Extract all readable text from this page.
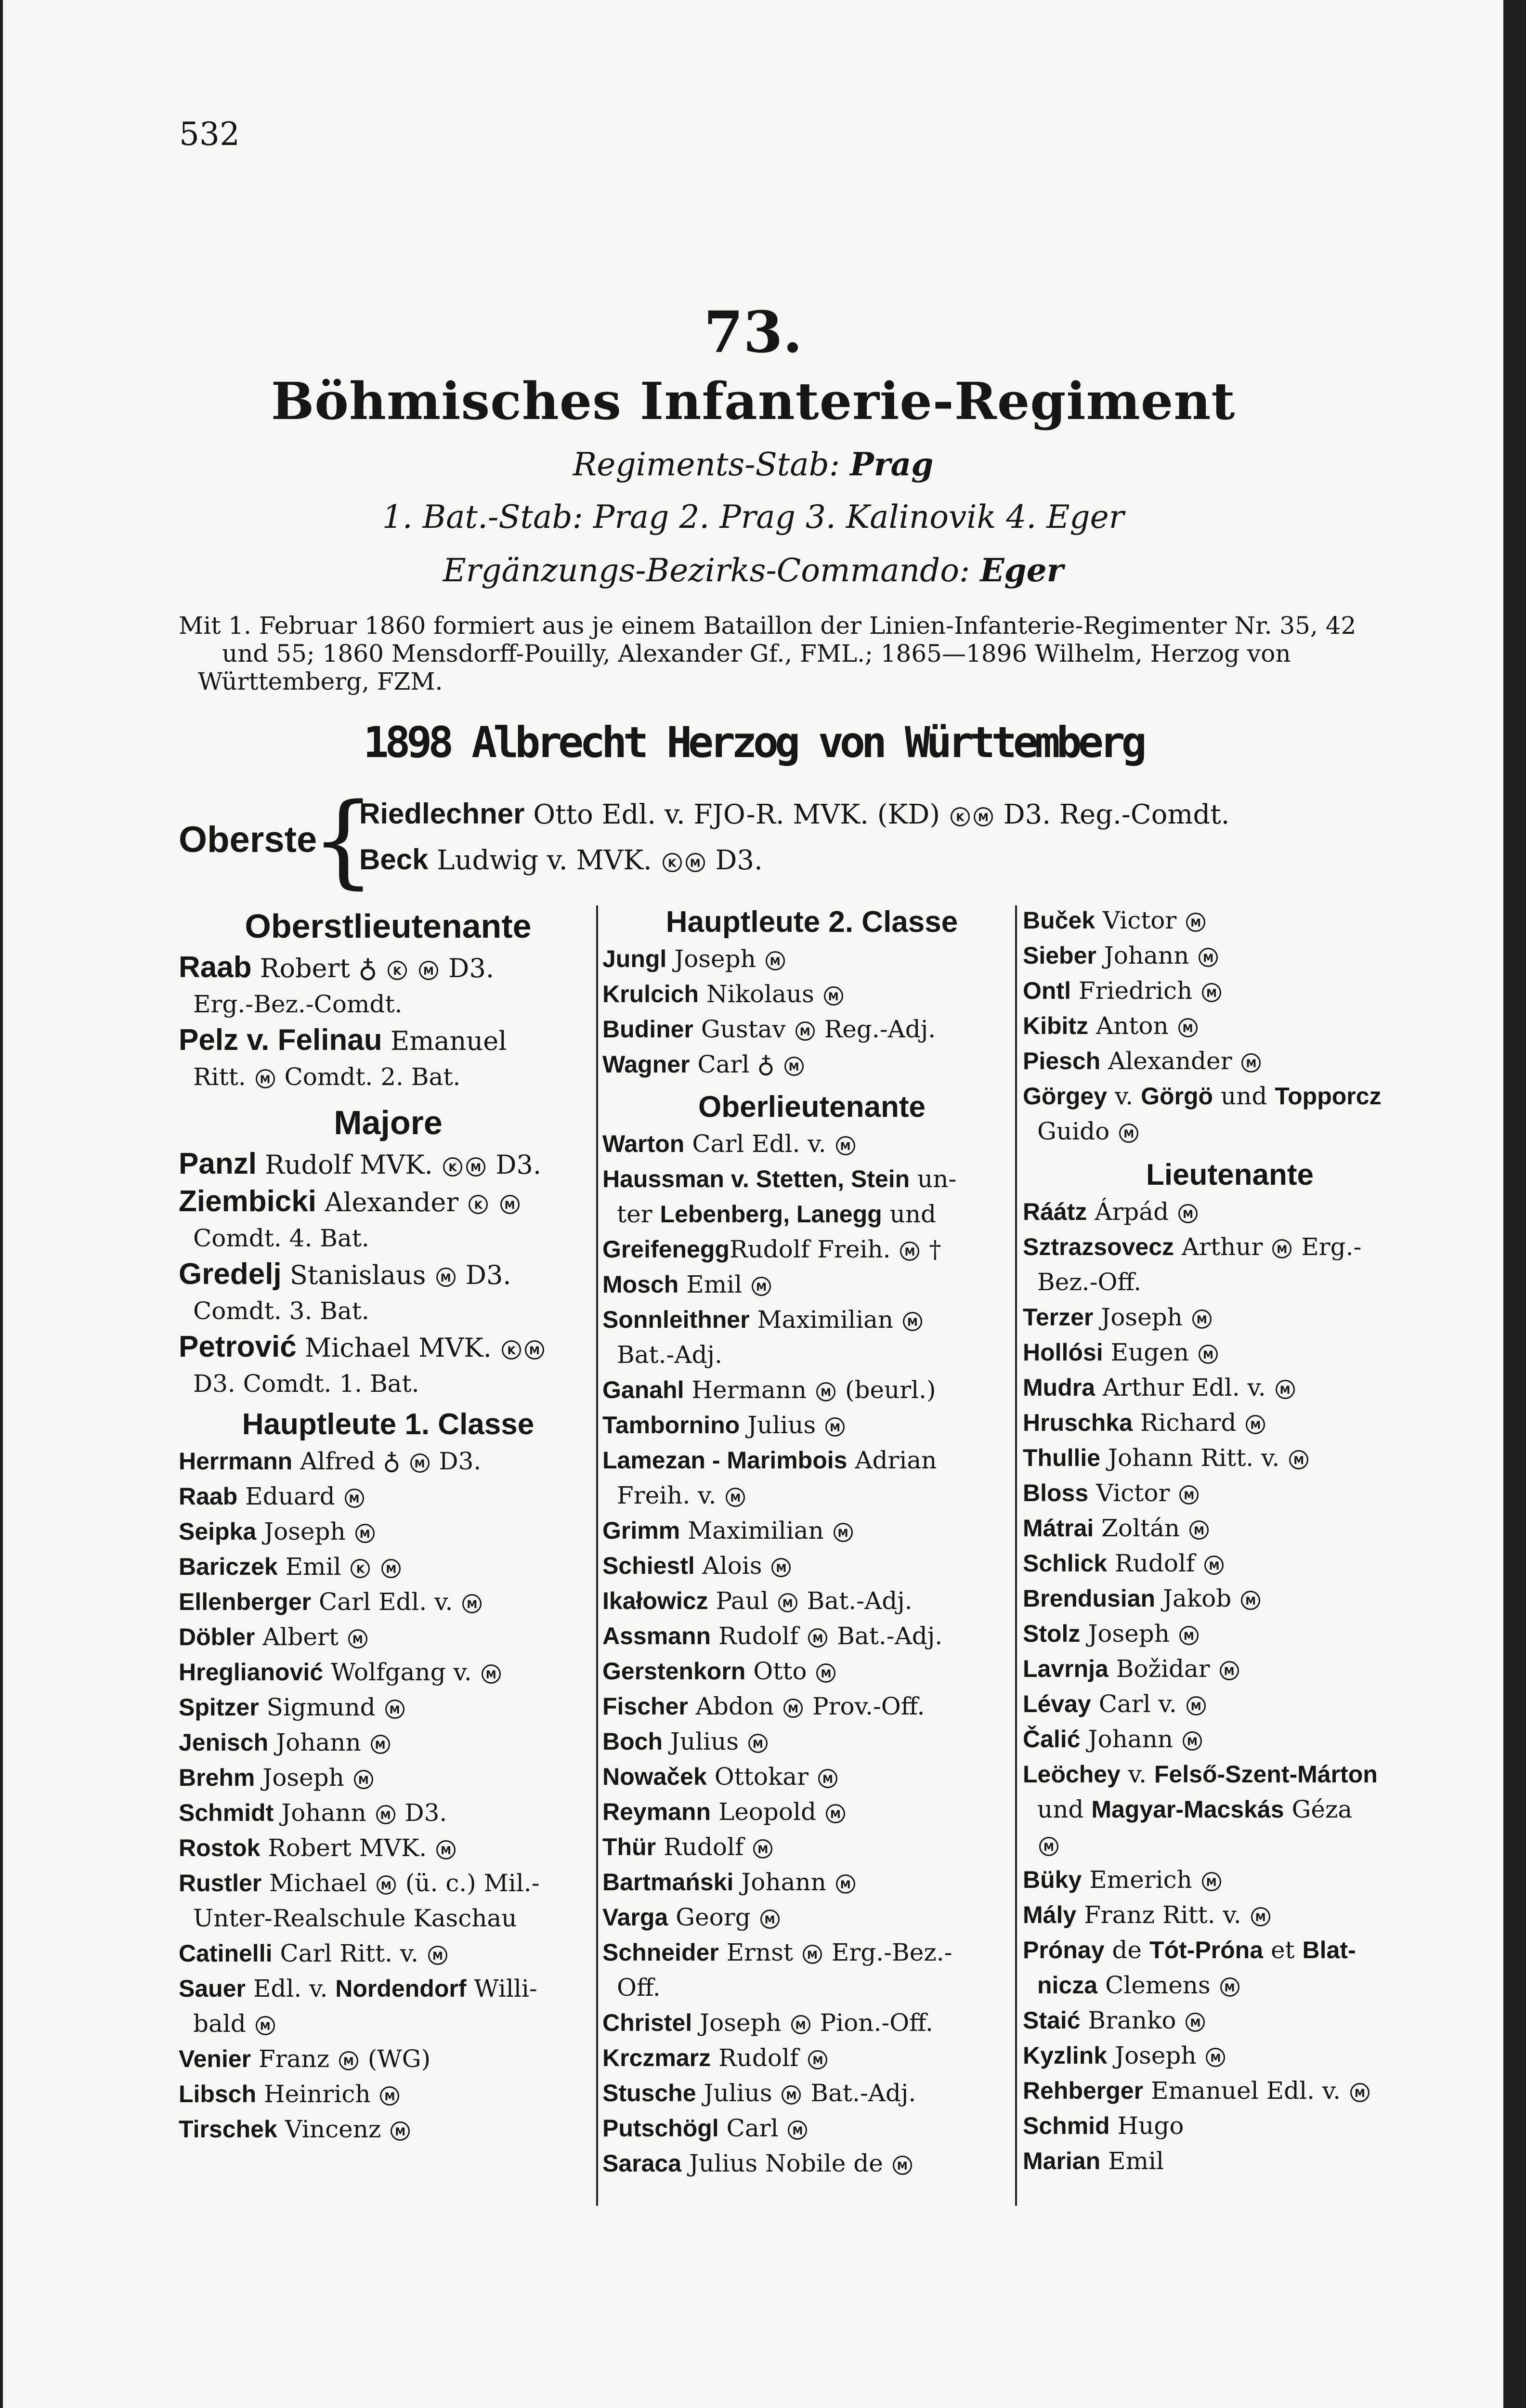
532
73.
Böhmisches Infanterie-Regiment
Regiments-Stab: Prag
1. Bat.-Stab: Prag 2. Prag 3. Kalinovik 4. Eger
Ergänzungs-Bezirks-Commando: Eger
Mit 1. Februar 1860 formiert aus je einem Bataillon der Linien-Infanterie-Regimenter Nr. 35, 42
und 55; 1860 Mensdorff-Pouilly, Alexander Gf., FML.; 1865—1896 Wilhelm, Herzog von
Württemberg, FZM.
1898 Albrecht Herzog von Württemberg
Oberste
{
Riedlechner Otto Edl. v. FJO-R. MVK. (KD) K M D3. Reg.-Comdt.
Beck Ludwig v. MVK. K M D3.
Oberstlieutenante
Raab Robert ♁ K M D3.
Erg.-Bez.-Comdt.
Pelz v. Felinau Emanuel
Ritt. M Comdt. 2. Bat.
Majore
Panzl Rudolf MVK. K M D3.
Ziembicki Alexander K M
Comdt. 4. Bat.
Gredelj Stanislaus M D3.
Comdt. 3. Bat.
Petrović Michael MVK. K M
D3. Comdt. 1. Bat.
Hauptleute 1. Classe
Herrmann Alfred ♁ M D3.
Raab Eduard M
Seipka Joseph M
Bariczek Emil K M
Ellenberger Carl Edl. v. M
Döbler Albert M
Hreglianović Wolfgang v. M
Spitzer Sigmund M
Jenisch Johann M
Brehm Joseph M
Schmidt Johann M D3.
Rostok Robert MVK. M
Rustler Michael M (ü. c.) Mil.-
Unter-Realschule Kaschau
Catinelli Carl Ritt. v. M
Sauer Edl. v. Nordendorf Willi-
bald M
Venier Franz M (WG)
Libsch Heinrich M
Tirschek Vincenz M
Hauptleute 2. Classe
Jungl Joseph M
Krulcich Nikolaus M
Budiner Gustav M Reg.-Adj.
Wagner Carl ♁ M
Oberlieutenante
Warton Carl Edl. v. M
Haussman v. Stetten, Stein un-
ter Lebenberg, Lanegg und
GreifeneggRudolf Freih. M †
Mosch Emil M
Sonnleithner Maximilian M
Bat.-Adj.
Ganahl Hermann M (beurl.)
Tambornino Julius M
Lamezan - Marimbois Adrian
Freih. v. M
Grimm Maximilian M
Schiestl Alois M
Ikałowicz Paul M Bat.-Adj.
Assmann Rudolf M Bat.-Adj.
Gerstenkorn Otto M
Fischer Abdon M Prov.-Off.
Boch Julius M
Nowaček Ottokar M
Reymann Leopold M
Thür Rudolf M
Bartmański Johann M
Varga Georg M
Schneider Ernst M Erg.-Bez.-
Off.
Christel Joseph M Pion.-Off.
Krczmarz Rudolf M
Stusche Julius M Bat.-Adj.
Putschögl Carl M
Saraca Julius Nobile de M
Buček Victor M
Sieber Johann M
Ontl Friedrich M
Kibitz Anton M
Piesch Alexander M
Görgey v. Görgö und Topporcz
Guido M
Lieutenante
Ráátz Árpád M
Sztrazsovecz Arthur M Erg.-
Bez.-Off.
Terzer Joseph M
Hollósi Eugen M
Mudra Arthur Edl. v. M
Hruschka Richard M
Thullie Johann Ritt. v. M
Bloss Victor M
Mátrai Zoltán M
Schlick Rudolf M
Brendusian Jakob M
Stolz Joseph M
Lavrnja Božidar M
Lévay Carl v. M
Čalić Johann M
Leöchey v. Felső-Szent-Márton
und Magyar-Macskás Géza
M
Büky Emerich M
Mály Franz Ritt. v. M
Prónay de Tót-Próna et Blat-
nicza Clemens M
Staić Branko M
Kyzlink Joseph M
Rehberger Emanuel Edl. v. M
Schmid Hugo
Marian Emil
